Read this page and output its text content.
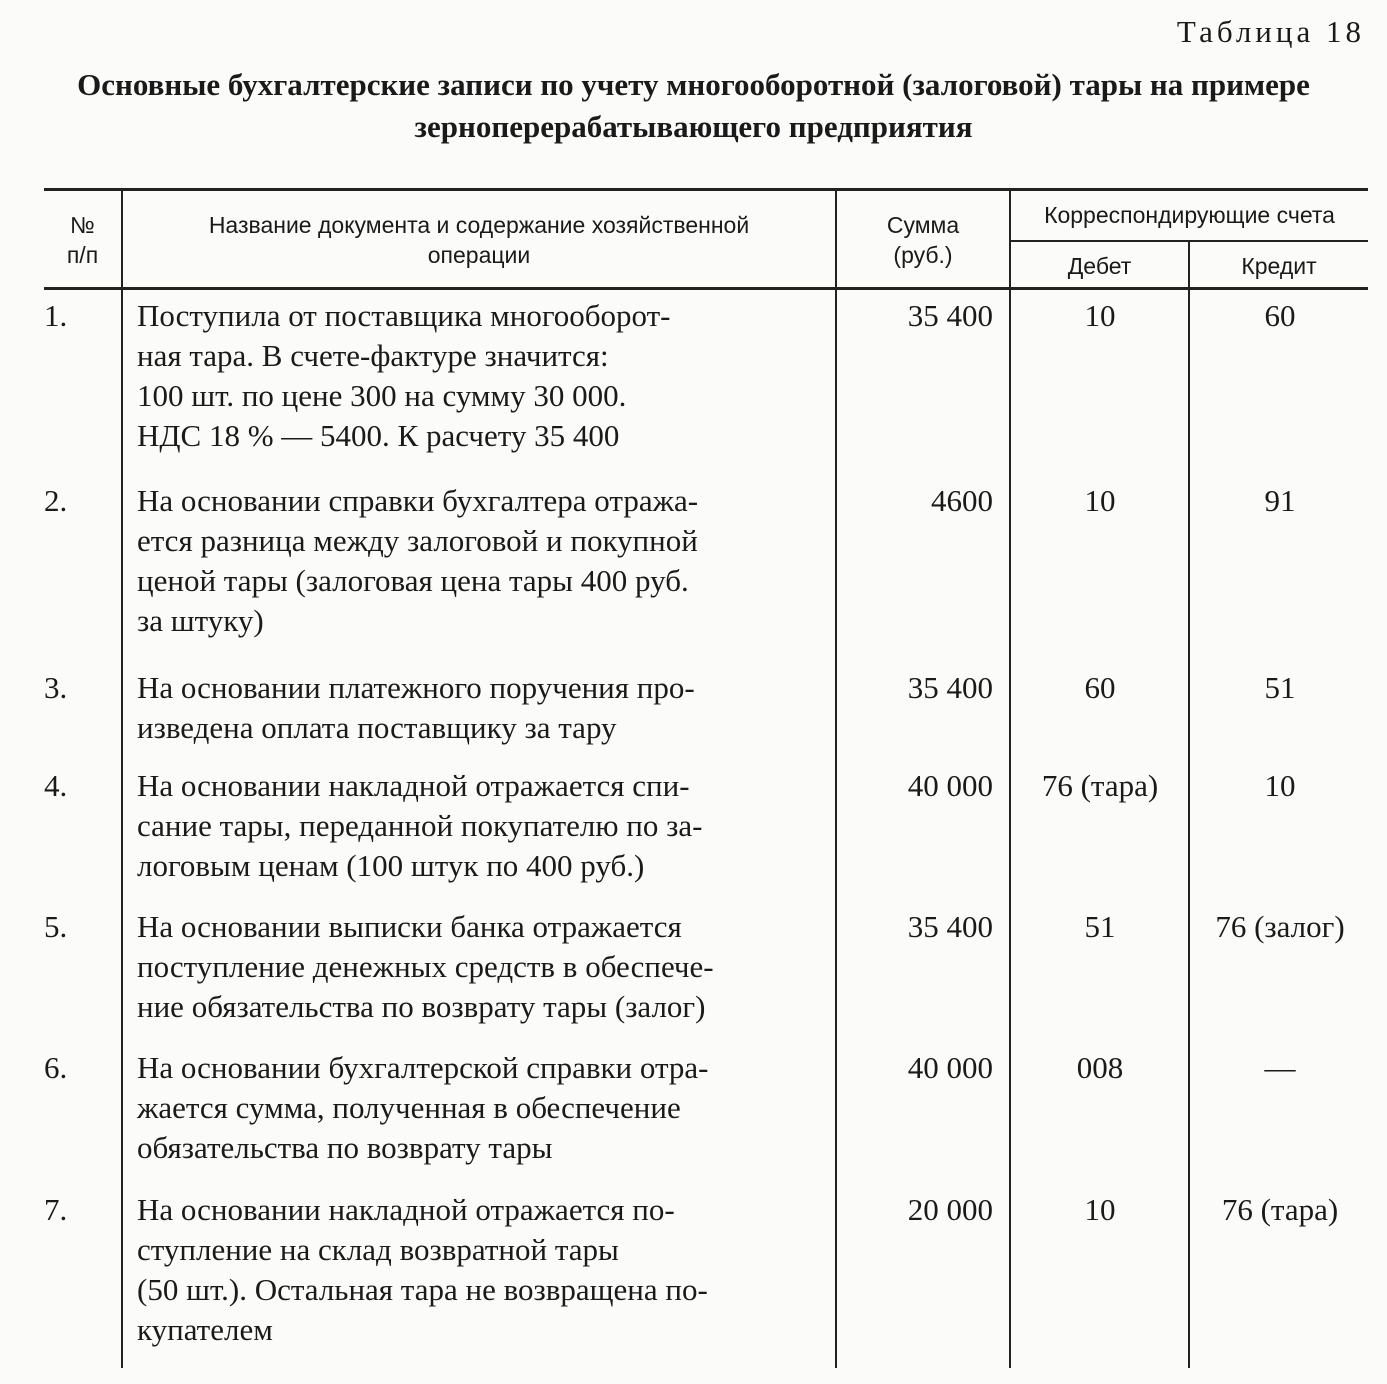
Таблица 18
Основные бухгалтерские записи по учету многооборотной (залоговой) тары на примере
зерноперерабатывающего предприятия
№
п/п
Название документа и содержание хозяйственной
операции
Сумма
(руб.)
Корреспондирующие счета
Дебет	Кредит
1.	Поступила от поставщика многооборот-
ная тара. В счете-фактуре значится:
100 шт. по цене 300 на сумму 30 000.
НДС 18 % — 5400. К расчету 35 400
35 400	10	60
2.	На основании справки бухгалтера отража-
ется разница между залоговой и покупной
ценой тары (залоговая цена тары 400 руб.
за штуку)
4600	10	91
3.	На основании платежного поручения про-
изведена оплата поставщику за тару
35 400	60	51
4.	На основании накладной отражается спи-
сание тары, переданной покупателю по за-
логовым ценам (100 штук по 400 руб.)
40 000	76 (тара)	10
5.	На основании выписки банка отражается
поступление денежных средств в обеспече-
ние обязательства по возврату тары (залог)
35 400	51	76 (залог)
6.	На основании бухгалтерской справки отра-
жается сумма, полученная в обеспечение
обязательства по возврату тары
40 000	008	—
7.	На основании накладной отражается по-
ступление на склад возвратной тары
(50 шт.). Остальная тара не возвращена по-
купателем
20 000	10	76 (тара)
